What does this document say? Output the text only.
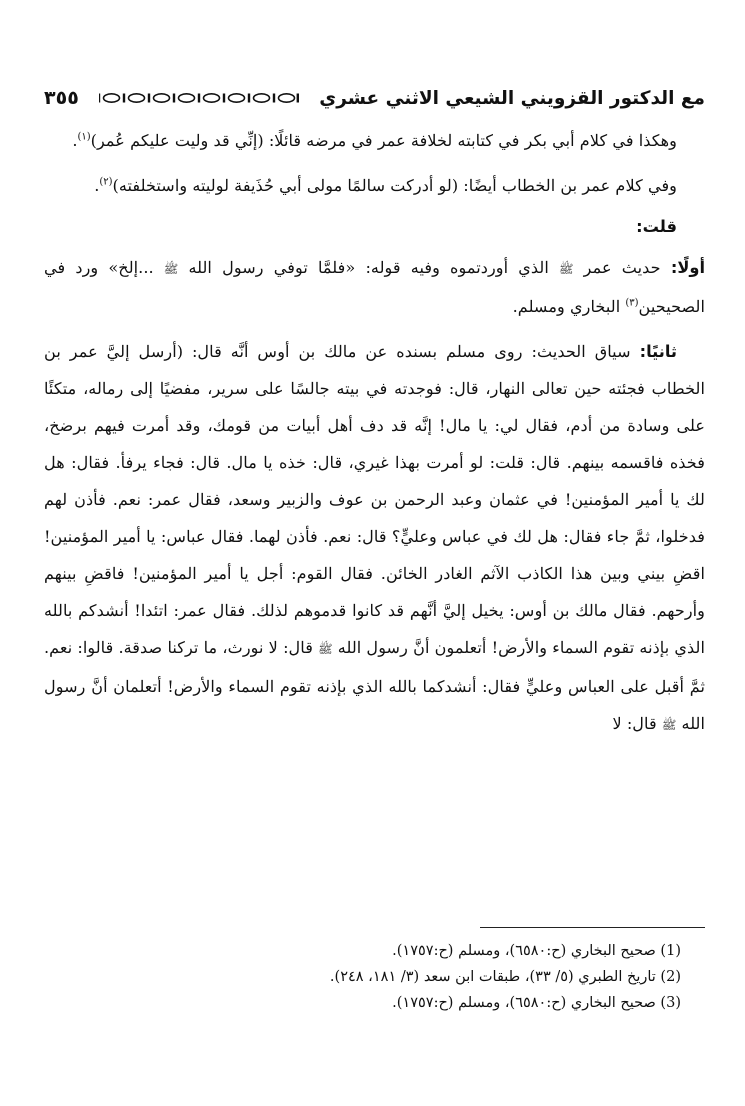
مع الدكتور القزويني الشيعي الاثني عشري
٣٥٥

وهكذا في كلام أبي بكر في كتابته لخلافة عمر في مرضه قائلًا: (إنِّي قد وليت عليكم عُمر)$^{(١)}$.

وفي كلام عمر بن الخطاب أيضًا: (لو أدركت سالمًا مولى أبي حُذَيفة لوليته واستخلفته)$^{(٢)}$.

قلت:

أولًا: حديث عمر ﷺ الذي أوردتموه وفيه قوله: «فلمَّا توفي رسول الله ﷺ ...إلخ» ورد في الصحيحين$^{(٣)}$ البخاري ومسلم.

ثانيًا: سياق الحديث: روى مسلم بسنده عن مالك بن أوس أنَّه قال: (أرسل إليَّ عمر بن الخطاب فجئته حين تعالى النهار، قال: فوجدته في بيته جالسًا على سرير، مفضيًا إلى رماله، متكئًا على وسادة من أدم، فقال لي: يا مال! إنَّه قد دف أهل أبيات من قومك، وقد أمرت فيهم برضخ، فخذه فاقسمه بينهم. قال: قلت: لو أمرت بهذا غيري، قال: خذه يا مال. قال: فجاء يرفأ. فقال: هل لك يا أمير المؤمنين! في عثمان وعبد الرحمن بن عوف والزبير وسعد، فقال عمر: نعم. فأذن لهم فدخلوا، ثمَّ جاء فقال: هل لك في عباس وعليٍّ؟ قال: نعم. فأذن لهما. فقال عباس: يا أمير المؤمنين! اقضِ بيني وبين هذا الكاذب الآثم الغادر الخائن. فقال القوم: أجل يا أمير المؤمنين! فاقضِ بينهم وأرحهم. فقال مالك بن أوس: يخيل إليَّ أنَّهم قد كانوا قدموهم لذلك. فقال عمر: اتئدا! أنشدكم بالله الذي بإذنه تقوم السماء والأرض! أتعلمون أنَّ رسول الله ﷺ قال: لا نورث، ما تركنا صدقة. قالوا: نعم. ثمَّ أقبل على العباس وعليٍّ فقال: أنشدكما بالله الذي بإذنه تقوم السماء والأرض! أتعلمان أنَّ رسول الله ﷺ قال: لا

(1) صحيح البخاري (ح:٦٥٨٠)، ومسلم (ح:١٧٥٧).

(2) تاريخ الطبري (٥/ ٣٣)، طبقات ابن سعد (٣/ ١٨١، ٢٤٨).

(3) صحيح البخاري (ح:٦٥٨٠)، ومسلم (ح:١٧٥٧).
